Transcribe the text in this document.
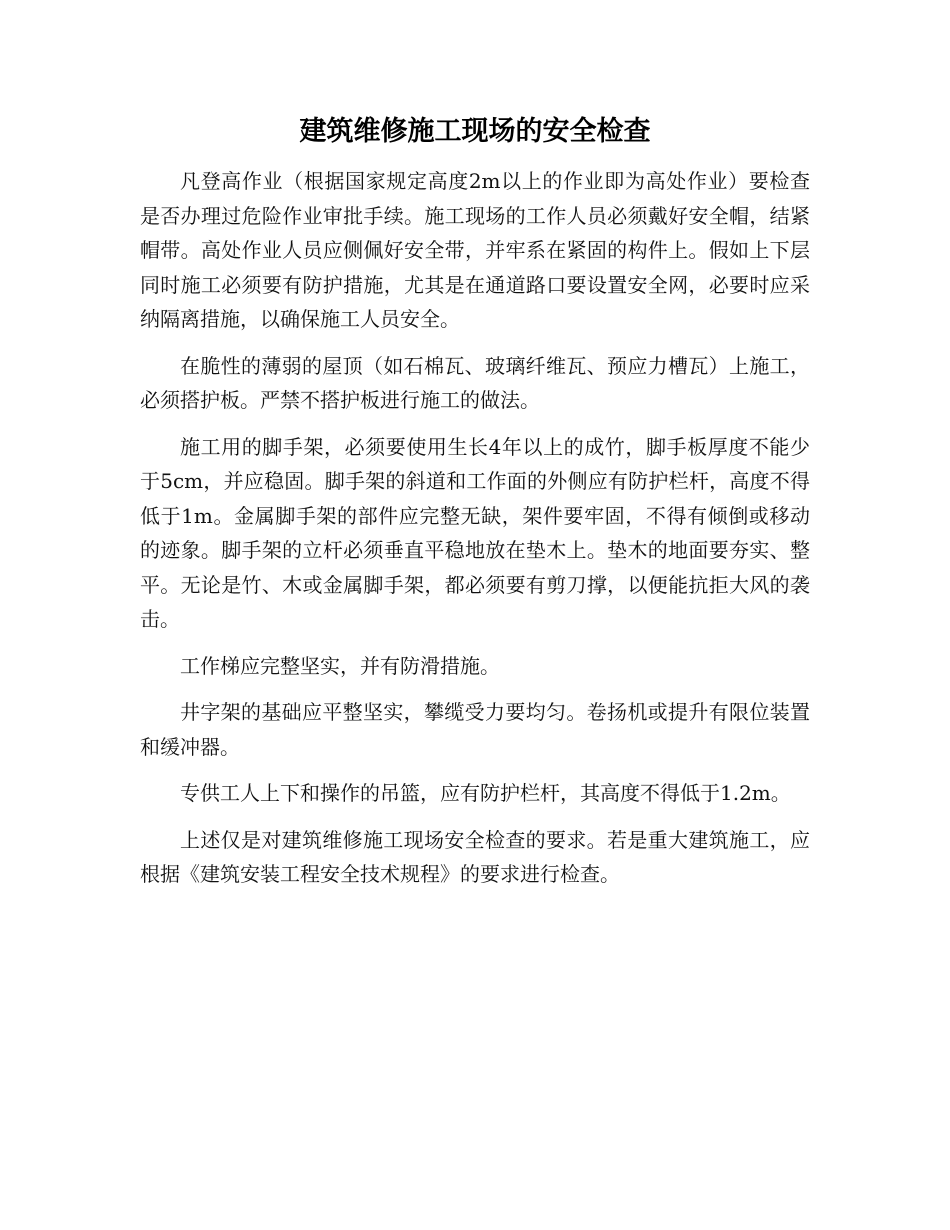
建筑维修施工现场的安全检查

凡登高作业（根据国家规定高度2m以上的作业即为高处作业）要检查是否办理过危险作业审批手续。施工现场的工作人员必须戴好安全帽，结紧帽带。高处作业人员应侧佩好安全带，并牢系在紧固的构件上。假如上下层同时施工必须要有防护措施，尤其是在通道路口要设置安全网，必要时应采纳隔离措施，以确保施工人员安全。

在脆性的薄弱的屋顶（如石棉瓦、玻璃纤维瓦、预应力槽瓦）上施工，必须搭护板。严禁不搭护板进行施工的做法。

施工用的脚手架，必须要使用生长4年以上的成竹，脚手板厚度不能少于5cm，并应稳固。脚手架的斜道和工作面的外侧应有防护栏杆，高度不得低于1m。金属脚手架的部件应完整无缺，架件要牢固，不得有倾倒或移动的迹象。脚手架的立杆必须垂直平稳地放在垫木上。垫木的地面要夯实、整平。无论是竹、木或金属脚手架，都必须要有剪刀撑，以便能抗拒大风的袭击。

工作梯应完整坚实，并有防滑措施。

井字架的基础应平整坚实，攀缆受力要均匀。卷扬机或提升有限位装置和缓冲器。

专供工人上下和操作的吊篮，应有防护栏杆，其高度不得低于1.2m。

上述仅是对建筑维修施工现场安全检查的要求。若是重大建筑施工，应根据《建筑安装工程安全技术规程》的要求进行检查。
